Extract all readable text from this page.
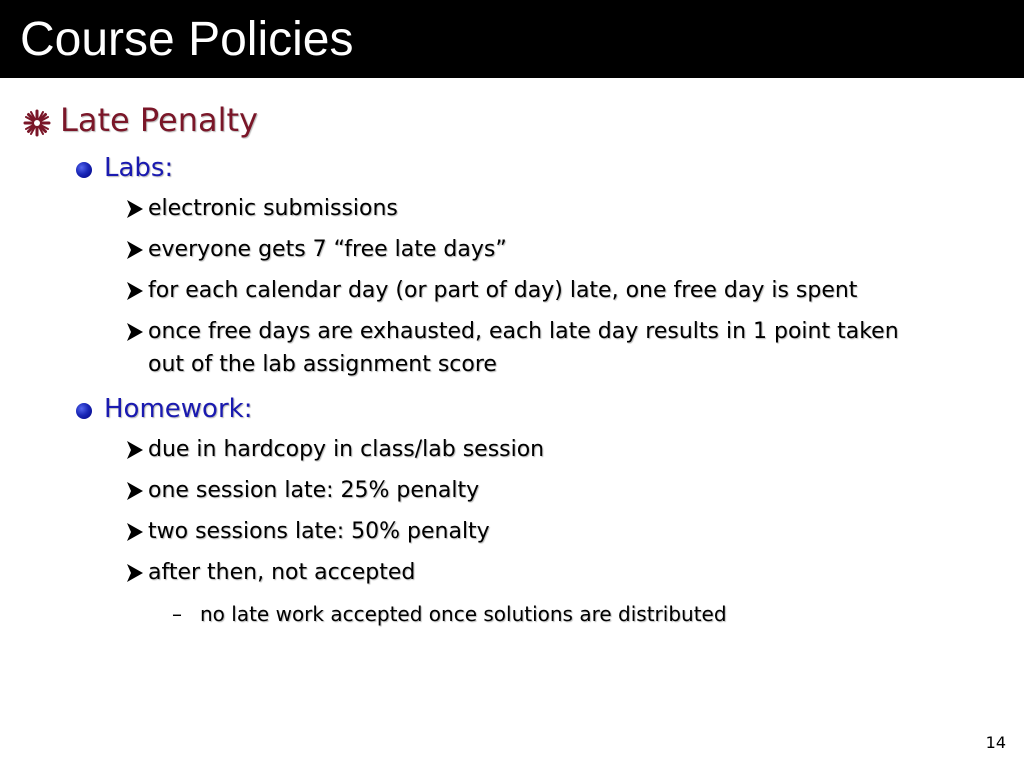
Course Policies
Late Penalty
Labs:
electronic submissions
everyone gets 7 “free late days”
for each calendar day (or part of day) late, one free day is spent
once free days are exhausted, each late day results in 1 point taken
out of the lab assignment score
Homework:
due in hardcopy in class/lab session
one session late: 25% penalty
two sessions late: 50% penalty
after then, not accepted
– no late work accepted once solutions are distributed
14
